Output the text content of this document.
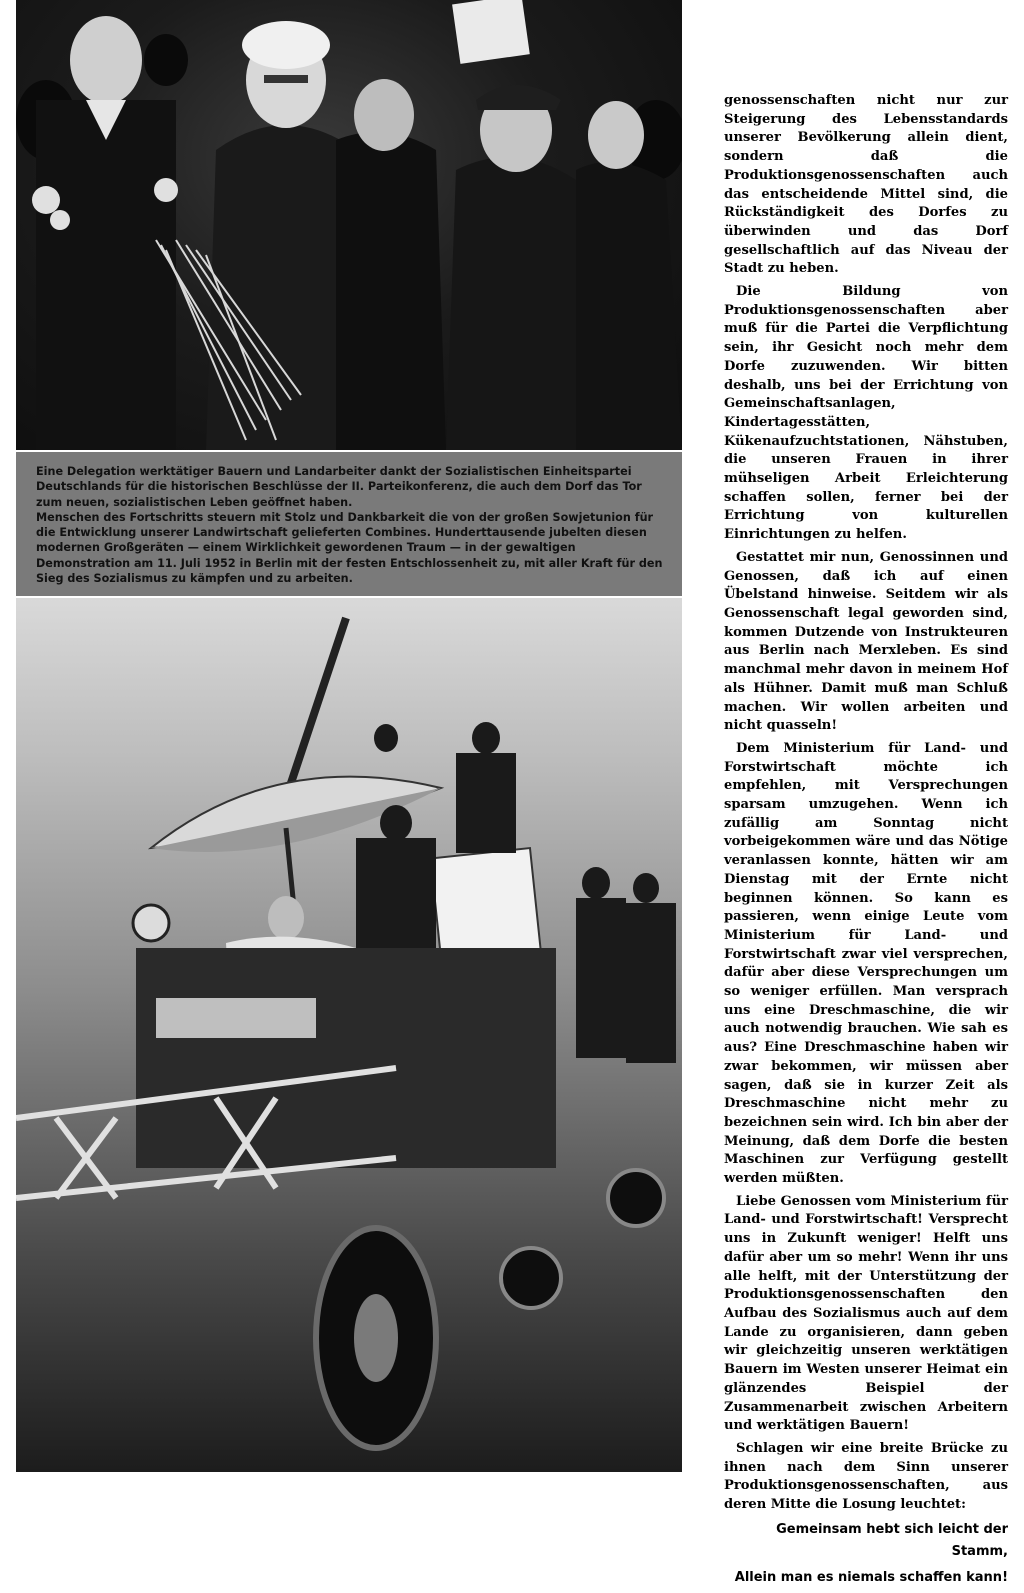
Eine Delegation werktätiger Bauern und Landarbeiter dankt der Sozialistischen Einheitspartei Deutschlands für die historischen Beschlüsse der II. Parteikonferenz, die auch dem Dorf das Tor zum neuen, sozialistischen Leben geöffnet haben.

Menschen des Fortschritts steuern mit Stolz und Dankbarkeit die von der großen Sowjetunion für die Entwicklung unserer Landwirtschaft gelieferten Combines. Hunderttausende jubelten diesen modernen Großgeräten — einem Wirklichkeit gewordenen Traum — in der gewaltigen Demonstration am 11. Juli 1952 in Berlin mit der festen Entschlossenheit zu, mit aller Kraft für den Sieg des Sozialismus zu kämpfen und zu arbeiten.

genossenschaften nicht nur zur Steigerung des Lebensstandards unserer Bevölkerung allein dient, sondern daß die Produktionsgenossenschaften auch das entscheidende Mittel sind, die Rückständigkeit des Dorfes zu überwinden und das Dorf gesellschaftlich auf das Niveau der Stadt zu heben.

Die Bildung von Produktionsgenossenschaften aber muß für die Partei die Verpflichtung sein, ihr Gesicht noch mehr dem Dorfe zuzuwenden. Wir bitten deshalb, uns bei der Errichtung von Gemeinschaftsanlagen, Kindertagesstätten, Kükenaufzuchtstationen, Nähstuben, die unseren Frauen in ihrer mühseligen Arbeit Erleichterung schaffen sollen, ferner bei der Errichtung von kulturellen Einrichtungen zu helfen.

Gestattet mir nun, Genossinnen und Genossen, daß ich auf einen Übelstand hinweise. Seitdem wir als Genossenschaft legal geworden sind, kommen Dutzende von Instrukteuren aus Berlin nach Merxleben. Es sind manchmal mehr davon in meinem Hof als Hühner. Damit muß man Schluß machen. Wir wollen arbeiten und nicht quasseln!

Dem Ministerium für Land- und Forstwirtschaft möchte ich empfehlen, mit Versprechungen sparsam umzugehen. Wenn ich zufällig am Sonntag nicht vorbeigekommen wäre und das Nötige veranlassen konnte, hätten wir am Dienstag mit der Ernte nicht beginnen können. So kann es passieren, wenn einige Leute vom Ministerium für Land- und Forstwirtschaft zwar viel versprechen, dafür aber diese Versprechungen um so weniger erfüllen. Man versprach uns eine Dreschmaschine, die wir auch notwendig brauchen. Wie sah es aus? Eine Dreschmaschine haben wir zwar bekommen, wir müssen aber sagen, daß sie in kurzer Zeit als Dreschmaschine nicht mehr zu bezeichnen sein wird. Ich bin aber der Meinung, daß dem Dorfe die besten Maschinen zur Verfügung gestellt werden müßten.

Liebe Genossen vom Ministerium für Land- und Forstwirtschaft! Versprecht uns in Zukunft weniger! Helft uns dafür aber um so mehr! Wenn ihr uns alle helft, mit der Unterstützung der Produktionsgenossenschaften den Aufbau des Sozialismus auch auf dem Lande zu organisieren, dann geben wir gleichzeitig unseren werktätigen Bauern im Westen unserer Heimat ein glänzendes Beispiel der Zusammenarbeit zwischen Arbeitern und werktätigen Bauern!

Schlagen wir eine breite Brücke zu ihnen nach dem Sinn unserer Produktionsgenossenschaften, aus deren Mitte die Losung leuchtet:

Gemeinsam hebt sich leicht der Stamm,

Allein man es niemals schaffen kann!
